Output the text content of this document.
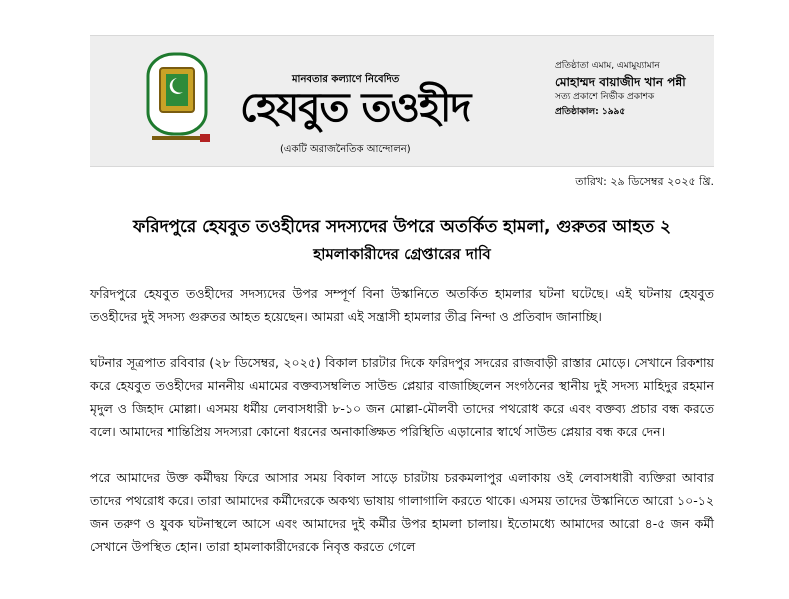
মানবতার কল্যাণে নিবেদিত
হেযবুত তওহীদ
(একটি অরাজনৈতিক আন্দোলন)
প্রতিষ্ঠাতা এমাম, এমামুয্যামান
মোহাম্মদ বায়াজীদ খান পন্নী
সত্য প্রকাশে নির্ভীক প্রকাশক
প্রতিষ্ঠাকাল: ১৯৯৫
তারিখ: ২৯ ডিসেম্বর ২০২৫ খ্রি.
ফরিদপুরে হেযবুত তওহীদের সদস্যদের উপরে অতর্কিত হামলা, গুরুতর আহত ২
হামলাকারীদের গ্রেপ্তারের দাবি

ফরিদপুরে হেযবুত তওহীদের সদস্যদের উপর সম্পূর্ণ বিনা উস্কানিতে অতর্কিত হামলার ঘটনা ঘটেছে। এই ঘটনায় হেযবুত তওহীদের দুই সদস্য গুরুতর আহত হয়েছেন। আমরা এই সন্ত্রাসী হামলার তীব্র নিন্দা ও প্রতিবাদ জানাচ্ছি।

ঘটনার সূত্রপাত রবিবার (২৮ ডিসেম্বর, ২০২৫) বিকাল চারটার দিকে ফরিদপুর সদরের রাজবাড়ী রাস্তার মোড়ে। সেখানে রিকশায় করে হেযবুত তওহীদের মাননীয় এমামের বক্তব্যসম্বলিত সাউন্ড প্লেয়ার বাজাচ্ছিলেন সংগঠনের স্থানীয় দুই সদস্য মাহিদুর রহমান মৃদুল ও জিহাদ মোল্লা। এসময় ধর্মীয় লেবাসধারী ৮-১০ জন মোল্লা-মৌলবী তাদের পথরোধ করে এবং বক্তব্য প্রচার বন্ধ করতে বলে। আমাদের শান্তিপ্রিয় সদস্যরা কোনো ধরনের অনাকাঙ্ক্ষিত পরিস্থিতি এড়ানোর স্বার্থে সাউন্ড প্লেয়ার বন্ধ করে দেন।

পরে আমাদের উক্ত কর্মীদ্বয় ফিরে আসার সময় বিকাল সাড়ে চারটায় চরকমলাপুর এলাকায় ওই লেবাসধারী ব্যক্তিরা আবার তাদের পথরোধ করে। তারা আমাদের কর্মীদেরকে অকথ্য ভাষায় গালাগালি করতে থাকে। এসময় তাদের উস্কানিতে আরো ১০-১২ জন তরুণ ও যুবক ঘটনাস্থলে আসে এবং আমাদের দুই কর্মীর উপর হামলা চালায়। ইতোমধ্যে আমাদের আরো ৪-৫ জন কর্মী সেখানে উপস্থিত হোন। তারা হামলাকারীদেরকে নিবৃত্ত করতে গেলে
